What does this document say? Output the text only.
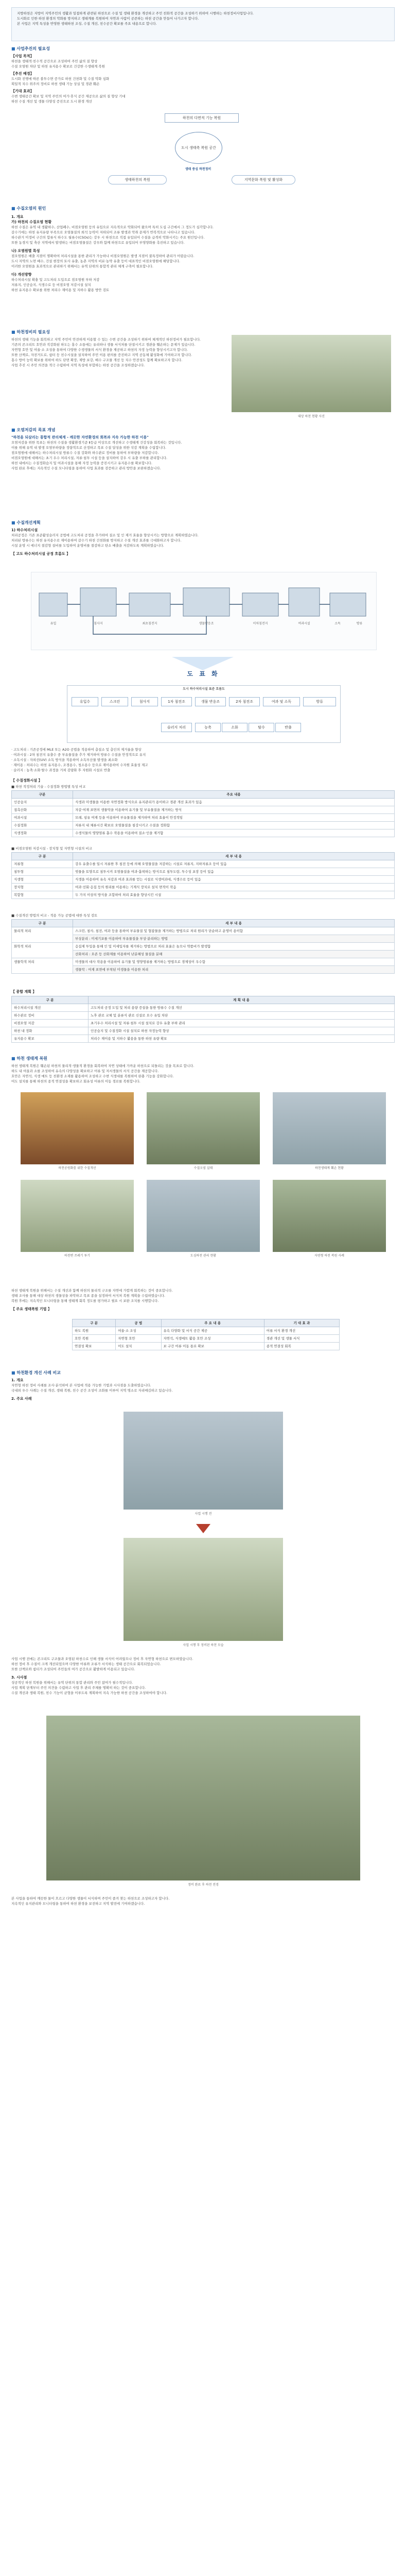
지방하천은 지방이 지역주민의 생활과 밀접하게 관련된 하천으로 수질 및 생태 환경을 개선하고 주민 친화적 공간을 조성하기 위하여 시행하는 하천정비사업입니다.
도시화로 인한 하천 환경의 악화를 방지하고 생태계를 복원하여 자연과 사람이 공존하는 하천 공간을 만들어 나가고자 합니다.
본 사업은 지역 특성을 반영한 생태하천 조성, 수질 개선, 친수공간 확보를 주요 내용으로 합니다.
■ 사업추진의 필요성
【사업 목적】
하천을 생태적·친수적 공간으로 조성하여 주민 삶의 질 향상
수질 오염원 차단 및 하천 유지용수 확보로 건강한 수생태계 복원
【추진 배경】
도시화 진행에 따른 불투수면 증가로 하천 건천화 및 수질 악화 심화
획일적 치수 위주의 정비로 하천 생태 기능 상실 및 경관 훼손
【기대 효과】
수변 생태공간 확보 및 지역 주민의 여가·휴식 공간 제공으로 삶의 질 향상 기대
하천 수질 개선 및 생물 다양성 증진으로 도시 환경 개선
하천의 다면적 기능 복원
도시 생태축 복원 공간
생태하천의 복원	지역문화 복원 및 활성화
생태 중심 하천정비
■ 수질오염의 원인
1. 개요
가) 하천의 수질오염 현황
하천 수질은 유역 내 생활하수, 산업폐수, 비점오염원 등의 유입으로 지속적으로 악화되어 왔으며 특히 도심 구간에서 그 정도가 심각합니다.
갈수기에는 하천 유지유량 부족으로 오염물질의 희석 능력이 저하되어 조류 발생과 악취 문제가 반복적으로 나타나고 있습니다.
하수관거 미정비 구간의 합류식 하수도 월류수(CSOs)는 강우 시 하천으로 직접 유입되어 수질을 급격히 악화시키는 주요 원인입니다.
또한 농경지 및 축산 지역에서 발생하는 비점오염물질은 강우와 함께 하천으로 유입되어 부영양화를 촉진하고 있습니다.
나) 오염원별 특성
점오염원은 배출 지점이 명확하여 처리시설을 통한 관리가 가능하나 비점오염원은 발생 지점이 불특정하여 관리가 어렵습니다.
도시 지역의 노면 배수, 건설 현장의 토사 유출, 농촌 지역의 비료·농약 유출 등이 대표적인 비점오염원에 해당합니다.
이러한 오염원을 효과적으로 관리하기 위해서는 유역 단위의 통합적 관리 체계 구축이 필요합니다.
다) 개선방향
하수처리시설 확충 및 고도처리 도입으로 점오염원 부하 저감
저류지, 인공습지, 식생수로 등 비점오염 저감시설 설치
하천 유지용수 확보를 위한 처리수 재이용 및 지하수 활용 방안 검토
■ 하천정비의 필요성
하천의 생태 기능을 회복하고 지역 주민이 안전하게 이용할 수 있는 수변 공간을 조성하기 위하여 체계적인 하천정비가 필요합니다.
기존의 콘크리트 호안과 직강화된 하도는 홍수 소통에는 유리하나 생물 서식처를 단절시키고 경관을 훼손하는 문제가 있습니다.
자연형 호안 및 여울·소 조성을 통하여 다양한 수생생물의 서식 환경을 제공하고 하천의 자정 능력을 향상시키고자 합니다.
또한 산책로, 자전거도로, 쉼터 등 친수시설을 설치하여 주민 이용 편의를 증진하고 지역 공동체 활성화에 기여하고자 합니다.
홍수 방어 능력 확보를 위하여 하도 단면 확장, 제방 보강, 배수 구조물 개선 등 치수 안전성도 함께 확보하고자 합니다.
사업 추진 시 주민 의견을 적극 수렴하여 지역 특성에 부합하는 하천 공간을 조성하겠습니다.
대상 하천 현황 사진
■ 오염저감의 목표 개념
"하천을 되살리는 통합적 관리체계 - 깨끗한 자연환경의 회복과 지속 가능한 하천 이용"
오염저감을 위한 목표는 하천의 수질을 생활환경기준 Ⅱ등급 이상으로 개선하고 수생태계 건강성을 회복하는 것입니다.
이를 위해 유역 내 발생 오염부하량을 정량적으로 산정하고 목표 수질 달성을 위한 삭감 계획을 수립합니다.
점오염원에 대해서는 하수처리시설 방류수 수질 강화와 하수관로 정비를 통하여 부하량을 저감합니다.
비점오염원에 대해서는 초기 우수 처리시설, 저류·침투 시설 등을 설치하여 강우 시 유출 부하를 관리합니다.
하천 내에서는 수질정화습지 및 여과시설을 통해 자정 능력을 증진시키고 유지용수를 확보합니다.
사업 완료 후에는 지속적인 수질 모니터링을 통하여 사업 효과를 검증하고 관리 방안을 보완하겠습니다.
■ 수질개선계획
1) 하수처리시설
처리공정은 기존 표준활성슬러지 공법에 고도처리 공정을 추가하여 질소 및 인 제거 효율을 향상시키는 방향으로 계획하였습니다.
처리된 방류수는 하천 유지용수로 재이용하여 갈수기 하천 건천화를 방지하고 수질 개선 효과를 극대화하고자 합니다.
시설 운영 시 에너지 절감형 설비를 도입하여 운영비를 절감하고 탄소 배출을 저감하도록 계획하였습니다.
【 고도 하수처리시설 공정 흐름도 】
유입	침사지	최초침전지	생물반응조	이차침전지	여과시설	소독	방류
도 표 화
도시 하수처리시설 표준 흐름도
유입수	스크린	침사지	1차 침전조	생물 반응조	2차 침전조	여과 및 소독	방류
슬러지 처리	농축	소화	탈수	반출
· 고도처리 : 기존공정에 MLE 또는 A2O 공법을 적용하여 총질소 및 총인의 제거율을 향상
· 여과시설 : 2차 침전지 유출수 중 부유물질을 추가 제거하여 방류수 수질을 안정적으로 유지
· 소독시설 : 자외선(UV) 소독 방식을 적용하여 소독부산물 발생을 최소화
· 재이용 : 처리수는 하천 유지용수, 조경용수, 청소용수 등으로 재이용하여 수자원 효율성 제고
· 슬러지 : 농축·소화·탈수 과정을 거쳐 감량화 후 자원화 시설로 반출
【 수질정화시설 】
■ 하천 적정처리 기술 - 수질정화 방법별 특성 비교
구분	주요 내용
인공습지	식생과 미생물을 이용한 자연정화 방식으로 유지관리가 용이하고 경관 개선 효과가 있음
접촉산화	자갈·여재 표면의 생물막을 이용하여 유기물 및 부유물질을 제거하는 방식
여과시설	모래, 섬유 여재 등을 이용하여 부유물질을 제거하며 처리 효율이 안정적임
수질정화	저류지 내 체류시간 확보로 오염물질을 침강시키고 수질을 정화함
식생정화	수생식물의 영양염류 흡수 작용을 이용하여 질소·인을 제거함
■ 비점오염원 저감시설 - 장치형 및 자연형 시설의 비교
구 분	세 부 내 용
저류형	강우 유출수를 일시 저류한 후 침전 등에 의해 오염물질을 저감하는 시설로 저류지, 지하저류조 등이 있음
침투형	빗물을 토양으로 침투시켜 오염물질을 여과·흡착하는 방식으로 침투도랑, 투수성 포장 등이 있음
식생형	식생을 이용하여 유속 저감과 여과 효과를 얻는 시설로 식생여과대, 식생수로 등이 있음
장치형	여과·선회·응집 등의 원리를 이용하는 기계식 장치로 설치 면적이 작음
복합형	두 가지 이상의 방식을 조합하여 처리 효율을 향상시킨 시설
■ 수질개선 방법의 비교 - 적용 가능 공법에 대한 특성 검토
구 분	세 부 내 용
물리적 처리	스크린, 침사, 침전, 여과 등을 통하여 부유물질 및 협잡물을 제거하는 방법으로 처리 원리가 단순하고 운영이 용이함
	부상분리 : 미세기포를 이용하여 부유물질을 부상·분리하는 방법
화학적 처리	응집제 투입을 통해 인 및 미세입자를 제거하는 방법으로 처리 효율은 높으나 약품비가 발생함
	산화처리 : 오존 등 산화제를 이용하여 난분해성 물질을 분해
생물학적 처리	미생물의 대사 작용을 이용하여 유기물 및 영양염류를 제거하는 방법으로 경제성이 우수함
	생물막 : 여재 표면에 부착된 미생물을 이용한 처리
【 종합 계획 】
구 분	계 획 내 용
하수처리시설 개선	고도처리 공정 도입 및 처리 용량 증설을 통한 방류수 수질 개선
하수관로 정비	노후 관로 교체 및 분류식 관로 신설로 오수 유입 차단
비점오염 저감	초기우수 처리시설 및 저류·침투 시설 설치로 강우 유출 부하 관리
하천 내 정화	인공습지 및 수질정화 시설 설치로 하천 자정능력 향상
유지용수 확보	처리수 재이용 및 지하수 활용을 통한 하천 유량 확보
■ 하천 생태계 복원
하천 생태계 복원은 훼손된 하천의 물리적·생물적 환경을 회복하여 자연 상태에 가까운 하천으로 되돌리는 것을 목표로 합니다.
하도 내 여울과 소를 조성하여 유속의 다양성을 확보하고 어류 및 저서생물의 서식 공간을 제공합니다.
호안은 자연석, 식생 매트 등 친환경 소재를 활용하여 조성하고 수변 식생대를 복원하여 완충 기능을 강화합니다.
어도 설치를 통해 하천의 종적 연결성을 확보하고 회유성 어류의 이동 경로를 복원합니다.
하천공원화를 위한 수질개선	수질오염 실태	하천생태계 훼손 현황
하천변 쓰레기 투기	도심하천 관리 현황	자연형 하천 복원 사례
하천 생태계 복원을 위해서는 수질 개선과 함께 하천의 물리적 구조를 자연에 가깝게 회복하는 것이 중요합니다.
생태 조사를 통해 대상 하천의 생물상을 파악하고 목표 종을 설정하여 서식처 복원 계획을 수립하였습니다.
복원 후에는 지속적인 모니터링을 통해 생태계 회복 정도를 평가하고 필요 시 보완 조치를 시행합니다.
【 주요 생태복원 기법 】
구 분	공 법	주 요 내 용	기 대 효 과
하도 복원	여울·소 조성	유속 다양화 및 서식 공간 제공	어류 서식 환경 개선
호안 복원	자연형 호안	자연석, 식생매트 활용 호안 조성	경관 개선 및 생물 서식
연결성 확보	어도 설치	보 구간 어류 이동 통로 확보	종적 연결성 회복
■ 하천환경 개선 사례 비교
1. 개요
자연형 하천 정비 사례를 조사·분석하여 본 사업에 적용 가능한 기법과 시사점을 도출하였습니다.
국내외 우수 사례는 수질 개선, 생태 복원, 친수 공간 조성이 조화를 이루어 지역 명소로 자리매김하고 있습니다.
2. 주요 사례
사업 시행 전
사업 시행 후 정비된 하천 모습
사업 시행 전에는 콘크리트 구조물과 오염된 하천수로 인해 생물 서식이 어려웠으나 정비 후 자연형 하천으로 변모하였습니다.
하천 정비 후 수질이 크게 개선되었으며 다양한 어류와 조류가 서식하는 생태 공간으로 회복되었습니다.
또한 산책로와 쉼터가 조성되어 주민들의 여가 공간으로 활발하게 이용되고 있습니다.
3. 시사점
성공적인 하천 복원을 위해서는 유역 단위의 통합 관리와 주민 참여가 필수적입니다.
사업 계획 단계부터 주민 의견을 수렴하고 사업 후 관리 주체를 명확히 하는 것이 중요합니다.
수질 개선과 생태 복원, 친수 기능이 균형을 이루도록 계획하여 지속 가능한 하천 공간을 조성하여야 합니다.
정비 완료 후 하천 전경
본 사업을 통하여 깨끗한 물이 흐르고 다양한 생물이 서식하며 주민이 즐겨 찾는 하천으로 조성하고자 합니다.
지속적인 유지관리와 모니터링을 통하여 하천 환경을 보전하고 지역 발전에 기여하겠습니다.
